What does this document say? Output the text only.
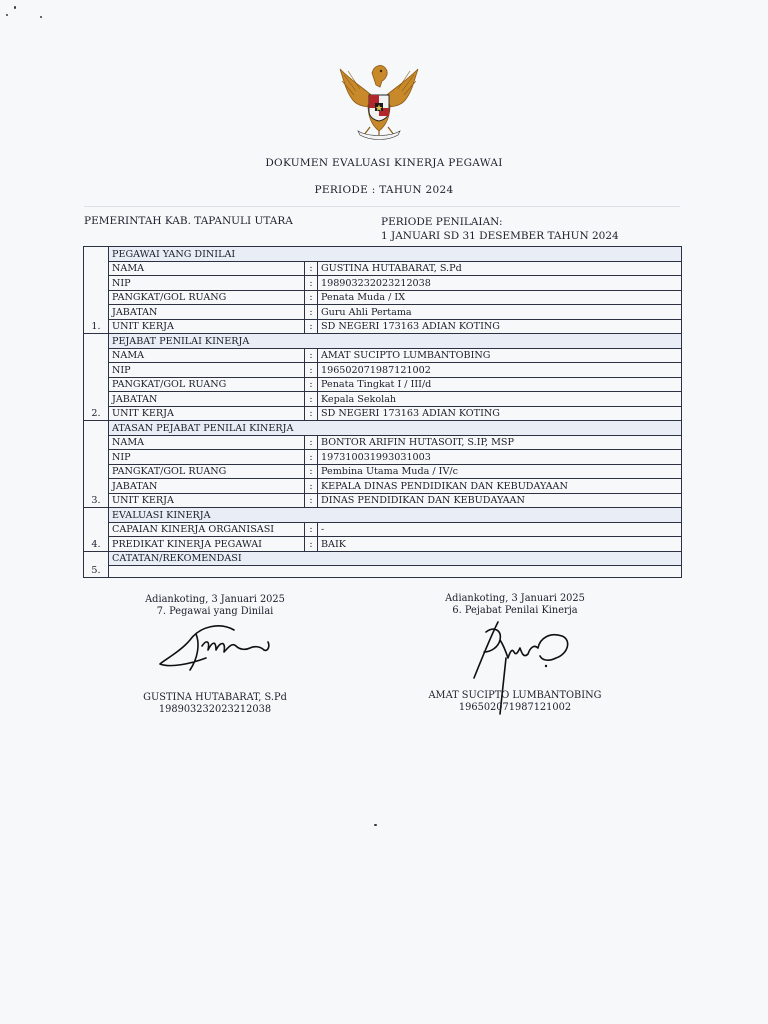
DOKUMEN EVALUASI KINERJA PEGAWAI
PERIODE : TAHUN 2024
PEMERINTAH KAB. TAPANULI UTARA	PERIODE PENILAIAN:
1 JANUARI SD 31 DESEMBER TAHUN 2024
1.	PEGAWAI YANG DINILAI		
	NAMA	:	GUSTINA HUTABARAT, S.Pd
	NIP	:	198903232023212038
	PANGKAT/GOL RUANG	:	Penata Muda / IX
	JABATAN	:	Guru Ahli Pertama
	UNIT KERJA	:	SD NEGERI 173163 ADIAN KOTING
2.	PEJABAT PENILAI KINERJA		
	NAMA	:	AMAT SUCIPTO LUMBANTOBING
	NIP	:	196502071987121002
	PANGKAT/GOL RUANG	:	Penata Tingkat I / III/d
	JABATAN	:	Kepala Sekolah
	UNIT KERJA	:	SD NEGERI 173163 ADIAN KOTING
3.	ATASAN PEJABAT PENILAI KINERJA		
	NAMA	:	BONTOR ARIFIN HUTASOIT, S.IP, MSP
	NIP	:	197310031993031003
	PANGKAT/GOL RUANG	:	Pembina Utama Muda / IV/c
	JABATAN	:	KEPALA DINAS PENDIDIKAN DAN KEBUDAYAAN
	UNIT KERJA	:	DINAS PENDIDIKAN DAN KEBUDAYAAN
4.	EVALUASI KINERJA		
	CAPAIAN KINERJA ORGANISASI	:	-
	PREDIKAT KINERJA PEGAWAI	:	BAIK
5.	CATATAN/REKOMENDASI		

Adiankoting, 3 Januari 2025
7. Pegawai yang Dinilai
GUSTINA HUTABARAT, S.Pd
198903232023212038
Adiankoting, 3 Januari 2025
6. Pejabat Penilai Kinerja
AMAT SUCIPTO LUMBANTOBING
196502071987121002
